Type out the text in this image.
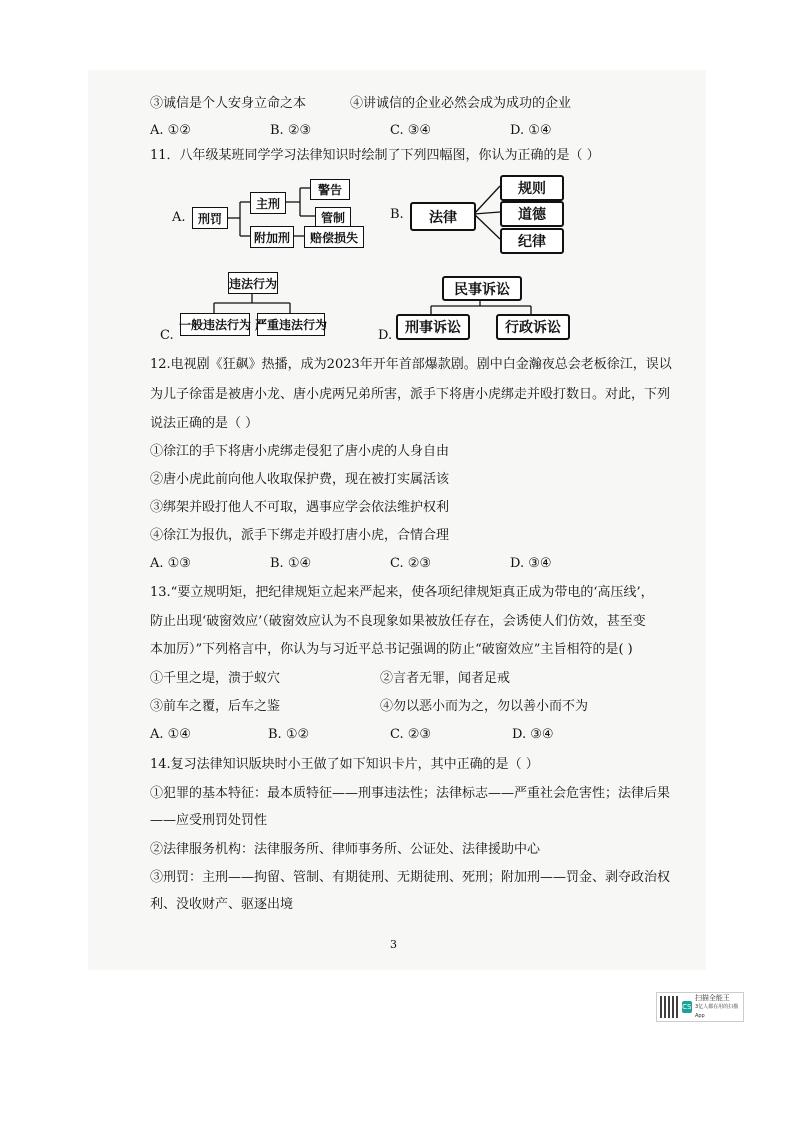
③诚信是个人安身立命之本	④讲诚信的企业必然会成为成功的企业
A. ①②	B. ②③	C. ③④	D. ①④
11．八年级某班同学学习法律知识时绘制了下列四幅图，你认为正确的是（ ）
A.	刑罚
主刑
附加刑
警告
管制
赔偿损失
B.	法律
规则
道德
纪律
违法行为
一般违法行为 严重违法行为
C.
民事诉讼
刑事诉讼	行政诉讼
D.
12.电视剧《狂飙》热播，成为2023年开年首部爆款剧。剧中白金瀚夜总会老板徐江，误以
为儿子徐雷是被唐小龙、唐小虎两兄弟所害，派手下将唐小虎绑走并殴打数日。对此，下列
说法正确的是（ ）
①徐江的手下将唐小虎绑走侵犯了唐小虎的人身自由
②唐小虎此前向他人收取保护费，现在被打实属活该
③绑架并殴打他人不可取，遇事应学会依法维护权利
④徐江为报仇，派手下绑走并殴打唐小虎，合情合理
A. ①③	B. ①④	C. ②③	D. ③④
13.“要立规明矩，把纪律规矩立起来严起来，使各项纪律规矩真正成为带电的‘高压线’，
防止出现‘破窗效应’（破窗效应认为不良现象如果被放任存在，会诱使人们仿效，甚至变
本加厉）”下列格言中，你认为与习近平总书记强调的防止“破窗效应”主旨相符的是( )
①千里之堤，溃于蚁穴	②言者无罪，闻者足戒
③前车之覆，后车之鉴	④勿以恶小而为之，勿以善小而不为
A. ①④	B. ①②	C. ②③	D. ③④
14.复习法律知识版块时小王做了如下知识卡片，其中正确的是（ ）
①犯罪的基本特征：最本质特征——刑事违法性；法律标志——严重社会危害性；法律后果
——应受刑罚处罚性
②法律服务机构：法律服务所、律师事务所、公证处、法律援助中心
③刑罚：主刑——拘留、管制、有期徒刑、无期徒刑、死刑；附加刑——罚金、剥夺政治权
利、没收财产、驱逐出境
3
CS
扫描全能王
3亿人都在用的扫描App
